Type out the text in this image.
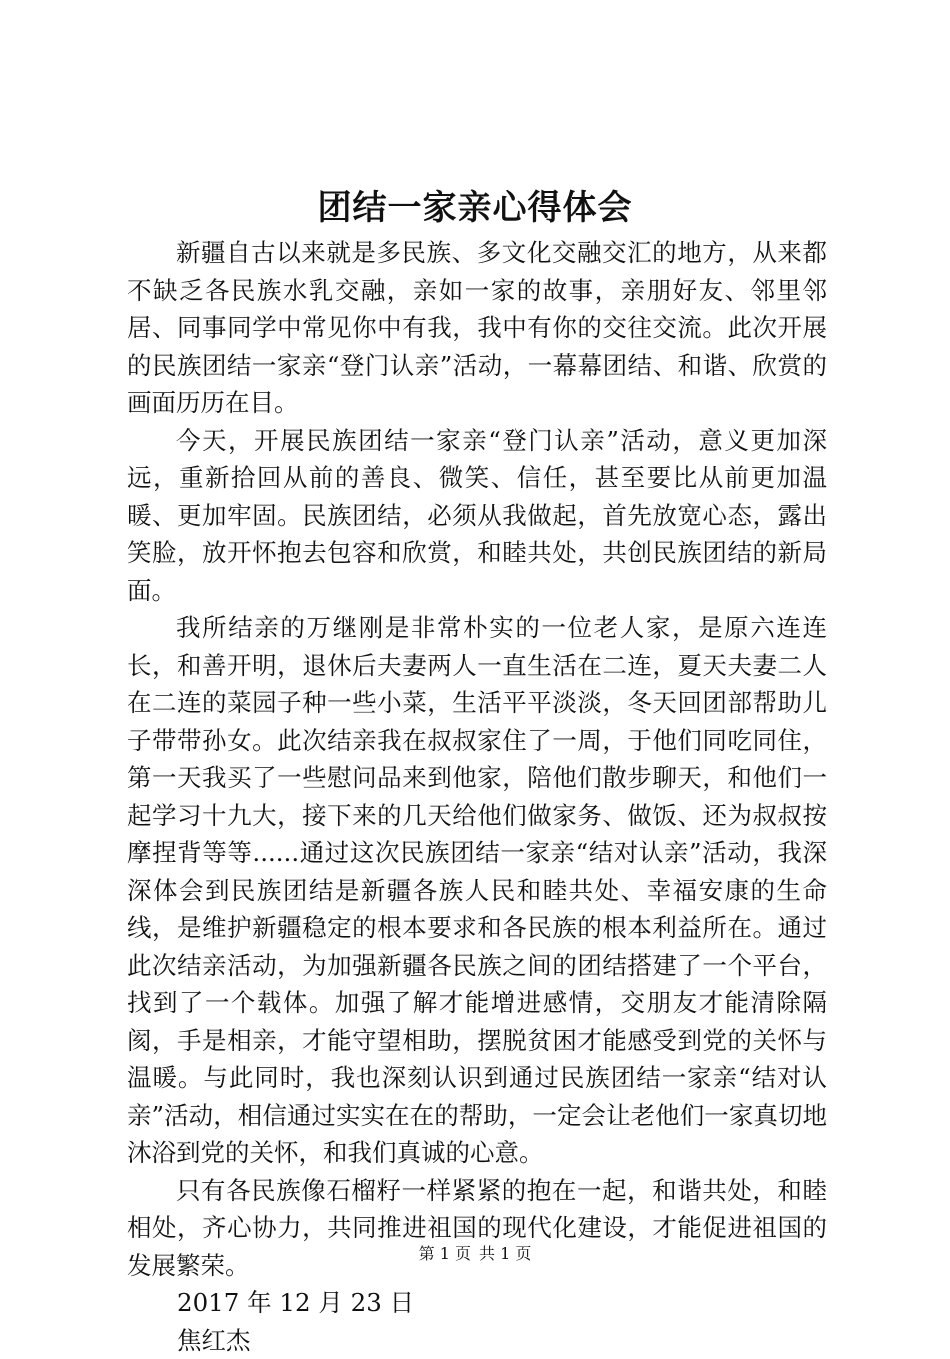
团结一家亲心得体会

新疆自古以来就是多民族、多文化交融交汇的地方，从来都不缺乏各民族水乳交融，亲如一家的故事，亲朋好友、邻里邻居、同事同学中常见你中有我，我中有你的交往交流。此次开展的民族团结一家亲“登门认亲”活动，一幕幕团结、和谐、欣赏的画面历历在目。

今天，开展民族团结一家亲“登门认亲”活动，意义更加深远，重新拾回从前的善良、微笑、信任，甚至要比从前更加温暖、更加牢固。民族团结，必须从我做起，首先放宽心态，露出笑脸，放开怀抱去包容和欣赏，和睦共处，共创民族团结的新局面。

我所结亲的万继刚是非常朴实的一位老人家，是原六连连长，和善开明，退休后夫妻两人一直生活在二连，夏天夫妻二人在二连的菜园子种一些小菜，生活平平淡淡，冬天回团部帮助儿子带带孙女。此次结亲我在叔叔家住了一周，于他们同吃同住，第一天我买了一些慰问品来到他家，陪他们散步聊天，和他们一起学习十九大，接下来的几天给他们做家务、做饭、还为叔叔按摩捏背等等......通过这次民族团结一家亲“结对认亲”活动，我深深体会到民族团结是新疆各族人民和睦共处、幸福安康的生命线，是维护新疆稳定的根本要求和各民族的根本利益所在。通过此次结亲活动，为加强新疆各民族之间的团结搭建了一个平台，找到了一个载体。加强了解才能增进感情，交朋友才能清除隔阂，手是相亲，才能守望相助，摆脱贫困才能感受到党的关怀与温暖。与此同时，我也深刻认识到通过民族团结一家亲“结对认亲”活动，相信通过实实在在的帮助，一定会让老他们一家真切地沐浴到党的关怀，和我们真诚的心意。

只有各民族像石榴籽一样紧紧的抱在一起，和谐共处，和睦相处，齐心协力，共同推进祖国的现代化建设，才能促进祖国的发展繁荣。

2017 年 12 月 23 日

焦红杰

第 1 页 共 1 页
